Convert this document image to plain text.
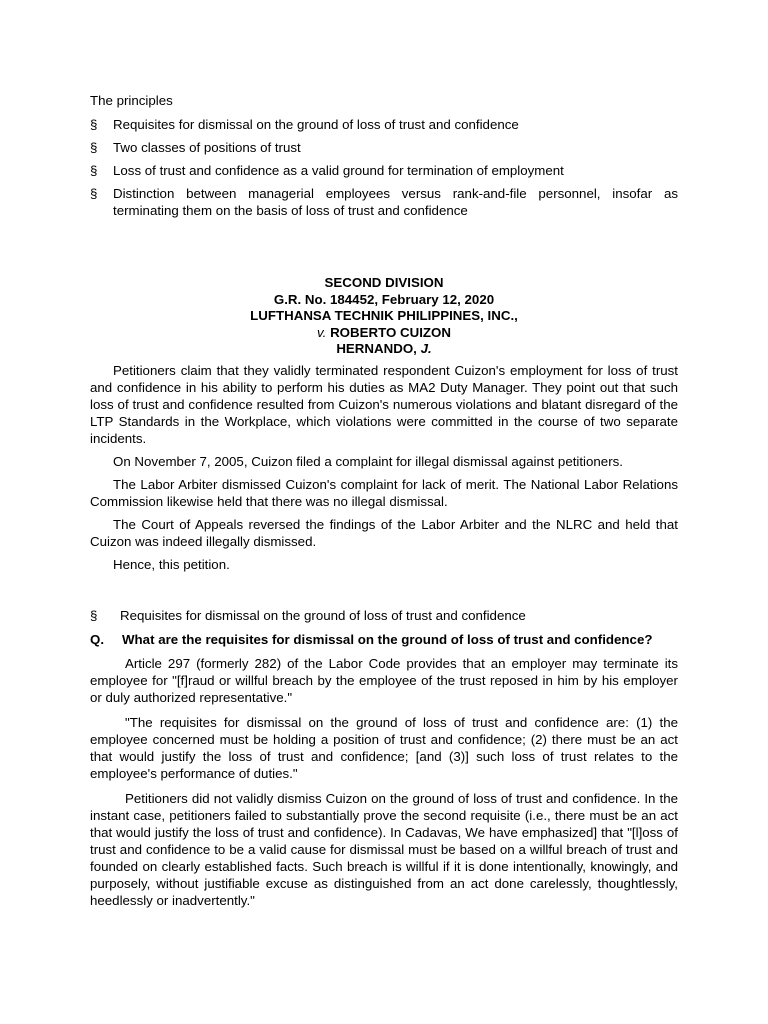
The principles
§	Requisites for dismissal on the ground of loss of trust and confidence
§	Two classes of positions of trust
§	Loss of trust and confidence as a valid ground for termination of employment
§	Distinction between managerial employees versus rank-and-file personnel, insofar as terminating them on the basis of loss of trust and confidence
SECOND DIVISION
G.R. No. 184452, February 12, 2020
LUFTHANSA TECHNIK PHILIPPINES, INC.,
v. ROBERTO CUIZON
HERNANDO, J.

Petitioners claim that they validly terminated respondent Cuizon's employment for loss of trust and confidence in his ability to perform his duties as MA2 Duty Manager. They point out that such loss of trust and confidence resulted from Cuizon's numerous violations and blatant disregard of the LTP Standards in the Workplace, which violations were committed in the course of two separate incidents.

On November 7, 2005, Cuizon filed a complaint for illegal dismissal against petitioners.

The Labor Arbiter dismissed Cuizon's complaint for lack of merit. The National Labor Relations Commission likewise held that there was no illegal dismissal.

The Court of Appeals reversed the findings of the Labor Arbiter and the NLRC and held that Cuizon was indeed illegally dismissed.

Hence, this petition.

§	Requisites for dismissal on the ground of loss of trust and confidence
Q.	What are the requisites for dismissal on the ground of loss of trust and confidence?

Article 297 (formerly 282) of the Labor Code provides that an employer may terminate its employee for "[f]raud or willful breach by the employee of the trust reposed in him by his employer or duly authorized representative."

"The requisites for dismissal on the ground of loss of trust and confidence are: (1) the employee concerned must be holding a position of trust and confidence; (2) there must be an act that would justify the loss of trust and confidence; [and (3)] such loss of trust relates to the employee's performance of duties."

Petitioners did not validly dismiss Cuizon on the ground of loss of trust and confidence. In the instant case, petitioners failed to substantially prove the second requisite (i.e., there must be an act that would justify the loss of trust and confidence). In Cadavas, We have emphasized] that "[l]oss of trust and confidence to be a valid cause for dismissal must be based on a willful breach of trust and founded on clearly established facts. Such breach is willful if it is done intentionally, knowingly, and purposely, without justifiable excuse as distinguished from an act done carelessly, thoughtlessly, heedlessly or inadvertently."
